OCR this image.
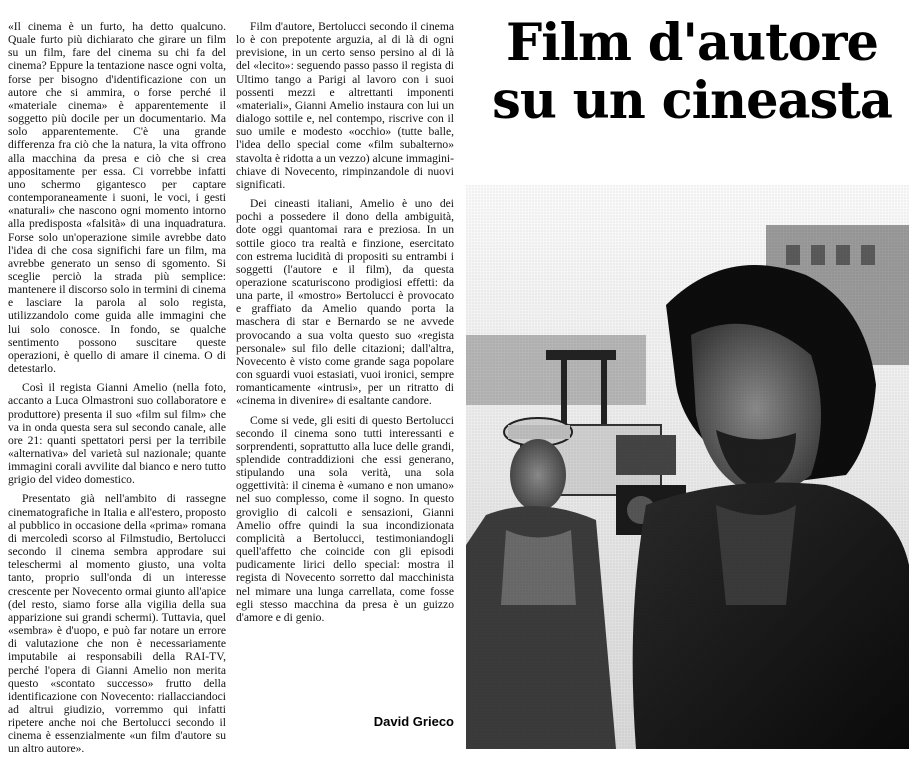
«Il cinema è un furto, ha detto qualcuno. Quale furto più dichiarato che girare un film su un film, fare del cinema su chi fa del cinema? Eppure la tentazione nasce ogni volta, forse per bisogno d'identificazione con un autore che si ammira, o forse perché il «materiale cinema» è apparentemente il soggetto più docile per un documentario. Ma solo apparentemente. C'è una grande differenza fra ciò che la natura, la vita offrono alla macchina da presa e ciò che si crea appositamente per essa. Ci vorrebbe infatti uno schermo gigantesco per captare contemporaneamente i suoni, le voci, i gesti «naturali» che nascono ogni momento intorno alla predisposta «falsità» di una inquadratura. Forse solo un'operazione simile avrebbe dato l'idea di che cosa significhi fare un film, ma avrebbe generato un senso di sgomento. Si sceglie perciò la strada più semplice: mantenere il discorso solo in termini di cinema e lasciare la parola al solo regista, utilizzandolo come guida alle immagini che lui solo conosce. In fondo, se qualche sentimento possono suscitare queste operazioni, è quello di amare il cinema. O di detestarlo.

Così il regista Gianni Amelio (nella foto, accanto a Luca Olmastroni suo collaboratore e produttore) presenta il suo «film sul film» che va in onda questa sera sul secondo canale, alle ore 21: quanti spettatori persi per la terribile «alternativa» del varietà sul nazionale; quante immagini corali avvilite dal bianco e nero tutto grigio del video domestico.

Presentato già nell'ambito di rassegne cinematografiche in Italia e all'estero, proposto al pubblico in occasione della «prima» romana di mercoledì scorso al Filmstudio, Bertolucci secondo il cinema sembra approdare sui teleschermi al momento giusto, una volta tanto, proprio sull'onda di un interesse crescente per Novecento ormai giunto all'apice (del resto, siamo forse alla vigilia della sua apparizione sui grandi schermi). Tuttavia, quel «sembra» è d'uopo, e può far notare un errore di valutazione che non è necessariamente imputabile ai responsabili della RAI-TV, perché l'opera di Gianni Amelio non merita questo «scontato successo» frutto della identificazione con Novecento: riallacciandoci ad altrui giudizio, vorremmo qui infatti ripetere anche noi che Bertolucci secondo il cinema è essenzialmente «un film d'autore su un altro autore».

Film d'autore, Bertolucci secondo il cinema lo è con prepotente arguzia, al di là di ogni previsione, in un certo senso persino al di là del «lecito»: seguendo passo passo il regista di Ultimo tango a Parigi al lavoro con i suoi possenti mezzi e altrettanti imponenti «materiali», Gianni Amelio instaura con lui un dialogo sottile e, nel contempo, riscrive con il suo umile e modesto «occhio» (tutte balle, l'idea dello special come «film subalterno» stavolta è ridotta a un vezzo) alcune immagini-chiave di Novecento, rimpinzandole di nuovi significati.

Dei cineasti italiani, Amelio è uno dei pochi a possedere il dono della ambiguità, dote oggi quantomai rara e preziosa. In un sottile gioco tra realtà e finzione, esercitato con estrema lucidità di propositi su entrambi i soggetti (l'autore e il film), da questa operazione scaturiscono prodigiosi effetti: da una parte, il «mostro» Bertolucci è provocato e graffiato da Amelio quando porta la maschera di star e Bernardo se ne avvede provocando a sua volta questo suo «regista personale» sul filo delle citazioni; dall'altra, Novecento è visto come grande saga popolare con sguardi vuoi estasiati, vuoi ironici, sempre romanticamente «intrusi», per un ritratto di «cinema in divenire» di esaltante candore.

Come si vede, gli esiti di questo Bertolucci secondo il cinema sono tutti interessanti e sorprendenti, soprattutto alla luce delle grandi, splendide contraddizioni che essi generano, stipulando una sola verità, una sola oggettività: il cinema è «umano e non umano» nel suo complesso, come il sogno. In questo groviglio di calcoli e sensazioni, Gianni Amelio offre quindi la sua incondizionata complicità a Bertolucci, testimoniandogli quell'affetto che coincide con gli episodi pudicamente lirici dello special: mostra il regista di Novecento sorretto dal macchinista nel mimare una lunga carrellata, come fosse egli stesso macchina da presa è un guizzo d'amore e di genio.

Film d'autore
su un cineasta
David Grieco
